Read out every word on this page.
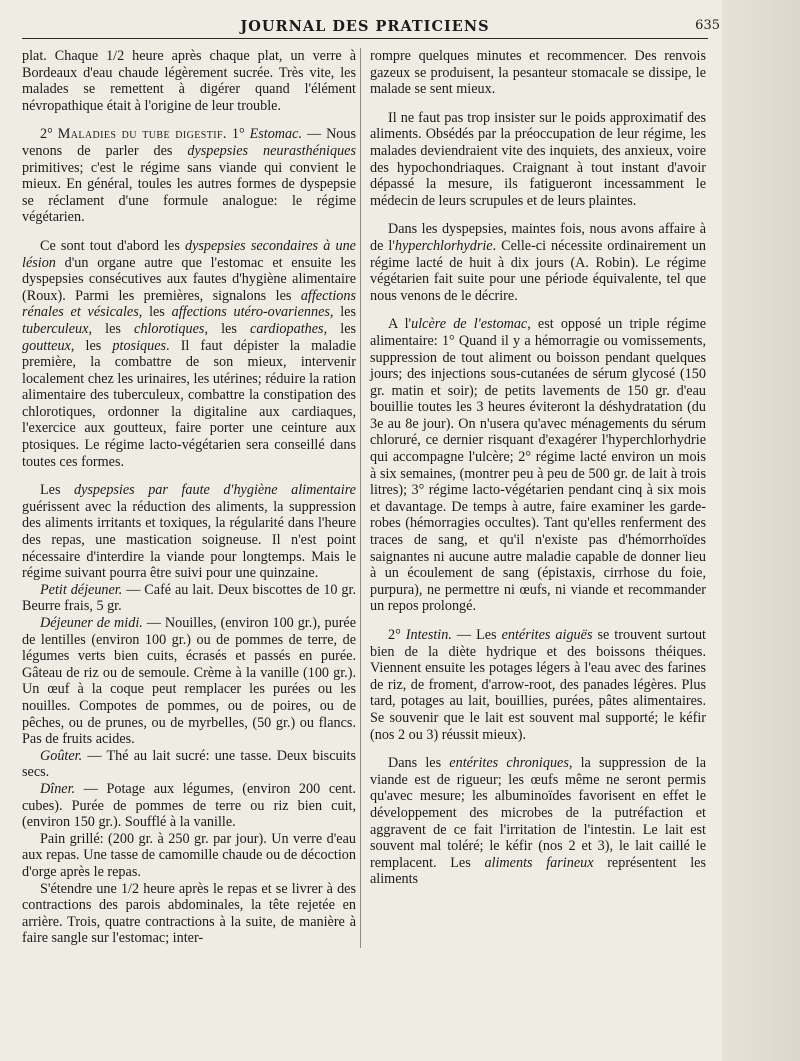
JOURNAL DES PRATICIENS	635

plat. Chaque 1/2 heure après chaque plat, un verre à Bordeaux d'eau chaude légèrement sucrée. Très vite, les malades se remettent à digérer quand l'élément névropathique était à l'origine de leur trouble.

2° Maladies du tube digestif. 1° Estomac. — Nous venons de parler des dyspepsies neurasthéniques primitives; c'est le régime sans viande qui convient le mieux. En général, toules les autres formes de dyspepsie se réclament d'une formule analogue: le régime végétarien.

Ce sont tout d'abord les dyspepsies secondaires à une lésion d'un organe autre que l'estomac et ensuite les dyspepsies consécutives aux fautes d'hygiène alimentaire (Roux). Parmi les premières, signalons les affections rénales et vésicales, les affections utéro-ovariennes, les tuberculeux, les chlorotiques, les cardiopathes, les goutteux, les ptosiques. Il faut dépister la maladie première, la combattre de son mieux, intervenir localement chez les urinaires, les utérines; réduire la ration alimentaire des tuberculeux, combattre la constipation des chlorotiques, ordonner la digitaline aux cardiaques, l'exercice aux goutteux, faire porter une ceinture aux ptosiques. Le régime lacto-végétarien sera conseillé dans toutes ces formes.

Les dyspepsies par faute d'hygiène alimentaire guérissent avec la réduction des aliments, la suppression des aliments irritants et toxiques, la régularité dans l'heure des repas, une mastication soigneuse. Il n'est point nécessaire d'interdire la viande pour longtemps. Mais le régime suivant pourra être suivi pour une quinzaine.

Petit déjeuner. — Café au lait. Deux biscottes de 10 gr. Beurre frais, 5 gr.

Déjeuner de midi. — Nouilles, (environ 100 gr.), purée de lentilles (environ 100 gr.) ou de pommes de terre, de légumes verts bien cuits, écrasés et passés en purée. Gâteau de riz ou de semoule. Crème à la vanille (100 gr.). Un œuf à la coque peut remplacer les purées ou les nouilles. Compotes de pommes, ou de poires, ou de pêches, ou de prunes, ou de myrbelles, (50 gr.) ou flancs. Pas de fruits acides.

Goûter. — Thé au lait sucré: une tasse. Deux biscuits secs.

Dîner. — Potage aux légumes, (environ 200 cent. cubes). Purée de pommes de terre ou riz bien cuit, (environ 150 gr.). Soufflé à la vanille.

Pain grillé: (200 gr. à 250 gr. par jour). Un verre d'eau aux repas. Une tasse de camomille chaude ou de décoction d'orge après le repas.

S'étendre une 1/2 heure après le repas et se livrer à des contractions des parois abdominales, la tête rejetée en arrière. Trois, quatre contractions à la suite, de manière à faire sangle sur l'estomac; inter-

rompre quelques minutes et recommencer. Des renvois gazeux se produisent, la pesanteur stomacale se dissipe, le malade se sent mieux.

Il ne faut pas trop insister sur le poids approximatif des aliments. Obsédés par la préoccupation de leur régime, les malades deviendraient vite des inquiets, des anxieux, voire des hypochondriaques. Craignant à tout instant d'avoir dépassé la mesure, ils fatigueront incessamment le médecin de leurs scrupules et de leurs plaintes.

Dans les dyspepsies, maintes fois, nous avons affaire à de l'hyperchlorhydrie. Celle-ci nécessite ordinairement un régime lacté de huit à dix jours (A. Robin). Le régime végétarien fait suite pour une période équivalente, tel que nous venons de le décrire.

A l'ulcère de l'estomac, est opposé un triple régime alimentaire: 1° Quand il y a hémorragie ou vomissements, suppression de tout aliment ou boisson pendant quelques jours; des injections sous-cutanées de sérum glycosé (150 gr. matin et soir); de petits lavements de 150 gr. d'eau bouillie toutes les 3 heures éviteront la déshydratation (du 3e au 8e jour). On n'usera qu'avec ménagements du sérum chloruré, ce dernier risquant d'exagérer l'hyperchlorhydrie qui accompagne l'ulcère; 2° régime lacté environ un mois à six semaines, (montrer peu à peu de 500 gr. de lait à trois litres); 3° régime lacto-végétarien pendant cinq à six mois et davantage. De temps à autre, faire examiner les garde-robes (hémorragies occultes). Tant qu'elles renferment des traces de sang, et qu'il n'existe pas d'hémorrhoïdes saignantes ni aucune autre maladie capable de donner lieu à un écoulement de sang (épistaxis, cirrhose du foie, purpura), ne permettre ni œufs, ni viande et recommander un repos prolongé.

2° Intestin. — Les entérites aiguës se trouvent surtout bien de la diète hydrique et des boissons théiques. Viennent ensuite les potages légers à l'eau avec des farines de riz, de froment, d'arrow-root, des panades légères. Plus tard, potages au lait, bouillies, purées, pâtes alimentaires. Se souvenir que le lait est souvent mal supporté; le kéfir (nos 2 ou 3) réussit mieux).

Dans les entérites chroniques, la suppression de la viande est de rigueur; les œufs même ne seront permis qu'avec mesure; les albuminoïdes favorisent en effet le développement des microbes de la putréfaction et aggravent de ce fait l'irritation de l'intestin. Le lait est souvent mal toléré; le kéfir (nos 2 et 3), le lait caillé le remplacent. Les aliments farineux représentent les aliments
